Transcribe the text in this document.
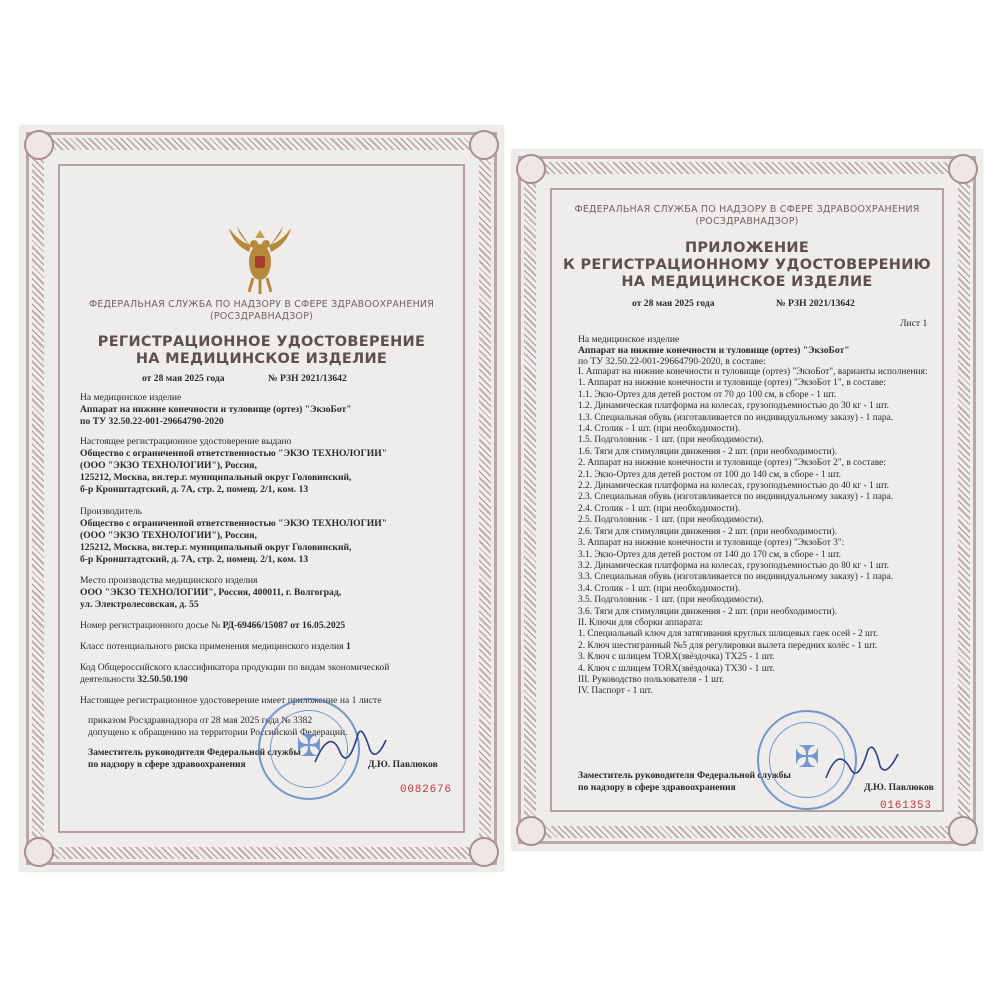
ФЕДЕРАЛЬНАЯ СЛУЖБА ПО НАДЗОРУ В СФЕРЕ ЗДРАВООХРАНЕНИЯ
(РОСЗДРАВНАДЗОР)
РЕГИСТРАЦИОННОЕ УДОСТОВЕРЕНИЕ
НА МЕДИЦИНСКОЕ ИЗДЕЛИЕ
от 28 мая 2025 года	№ РЗН 2021/13642
На медицинское изделие
Аппарат на нижние конечности и туловище (ортез) "ЭкзоБот"
по ТУ 32.50.22-001-29664790-2020
Настоящее регистрационное удостоверение выдано
Общество с ограниченной ответственностью "ЭКЗО ТЕХНОЛОГИИ"
(ООО "ЭКЗО ТЕХНОЛОГИИ"), Россия,
125212, Москва, вн.тер.г. муниципальный округ Головинский,
б-р Кронштадтский, д. 7А, стр. 2, помещ. 2/1, ком. 13
Производитель
Общество с ограниченной ответственностью "ЭКЗО ТЕХНОЛОГИИ"
(ООО "ЭКЗО ТЕХНОЛОГИИ"), Россия,
125212, Москва, вн.тер.г. муниципальный округ Головинский,
б-р Кронштадтский, д. 7А, стр. 2, помещ. 2/1, ком. 13
Место производства медицинского изделия
ООО "ЭКЗО ТЕХНОЛОГИИ", Россия, 400011, г. Волгоград,
ул. Электролесовская, д. 55
Номер регистрационного досье № РД-69466/15087 от 16.05.2025
Класс потенциального риска применения медицинского изделия 1
Код Общероссийского классификатора продукции по видам экономической
деятельности 32.50.50.190
Настоящее регистрационное удостоверение имеет приложение на 1 листе
приказом Росздравнадзора от 28 мая 2025 года № 3382
допущено к обращению на территории Российской Федерации.
Заместитель руководителя Федеральной службы
по надзору в сфере здравоохранения	Д.Ю. Павлюков
✠
0082676
ФЕДЕРАЛЬНАЯ СЛУЖБА ПО НАДЗОРУ В СФЕРЕ ЗДРАВООХРАНЕНИЯ
(РОСЗДРАВНАДЗОР)
ПРИЛОЖЕНИЕ
К РЕГИСТРАЦИОННОМУ УДОСТОВЕРЕНИЮ
НА МЕДИЦИНСКОЕ ИЗДЕЛИЕ
от 28 мая 2025 года	№ РЗН 2021/13642
Лист 1
На медицинское изделие
Аппарат на нижние конечности и туловище (ортез) "ЭкзоБот"
по ТУ 32.50.22-001-29664790-2020, в составе:
I. Аппарат на нижние конечности и туловище (ортез) "ЭкзоБот", варианты исполнения:
1. Аппарат на нижние конечности и туловище (ортез) "ЭкзоБот 1", в составе:
1.1. Экзо-Ортез для детей ростом от 70 до 100 см, в сборе - 1 шт.
1.2. Динамическая платформа на колесах, грузоподъемностью до 30 кг - 1 шт.
1.3. Специальная обувь (изготавливается по индивидуальному заказу) - 1 пара.
1.4. Столик - 1 шт. (при необходимости).
1.5. Подголовник - 1 шт. (при необходимости).
1.6. Тяги для стимуляции движения - 2 шт. (при необходимости).
2. Аппарат на нижние конечности и туловище (ортез) "ЭкзоБот 2", в составе:
2.1. Экзо-Ортез для детей ростом от 100 до 140 см, в сборе - 1 шт.
2.2. Динамическая платформа на колесах, грузоподъемностью до 40 кг - 1 шт.
2.3. Специальная обувь (изготавливается по индивидуальному заказу) - 1 пара.
2.4. Столик - 1 шт. (при необходимости).
2.5. Подголовник - 1 шт. (при необходимости).
2.6. Тяги для стимуляции движения - 2 шт. (при необходимости).
3. Аппарат на нижние конечности и туловище (ортез) "ЭкзоБот 3":
3.1. Экзо-Ортез для детей ростом от 140 до 170 см, в сборе - 1 шт.
3.2. Динамическая платформа на колесах, грузоподъемностью до 80 кг - 1 шт.
3.3. Специальная обувь (изготавливается по индивидуальному заказу) - 1 пара.
3.4. Столик - 1 шт. (при необходимости).
3.5. Подголовник - 1 шт. (при необходимости).
3.6. Тяги для стимуляции движения - 2 шт. (при необходимости).
II. Ключи для сборки аппарата:
1. Специальный ключ для затягивания круглых шлицевых гаек осей - 2 шт.
2. Ключ шестигранный №5 для регулировки вылета передних колёс - 1 шт.
3. Ключ с шлицем TORX(звёздочка) TX25 - 1 шт.
4. Ключ с шлицем TORX(звёздочка) TX30 - 1 шт.
III. Руководство пользователя - 1 шт.
IV. Паспорт - 1 шт.
Заместитель руководителя Федеральной службы
по надзору в сфере здравоохранения	Д.Ю. Павлюков
✠
0161353
